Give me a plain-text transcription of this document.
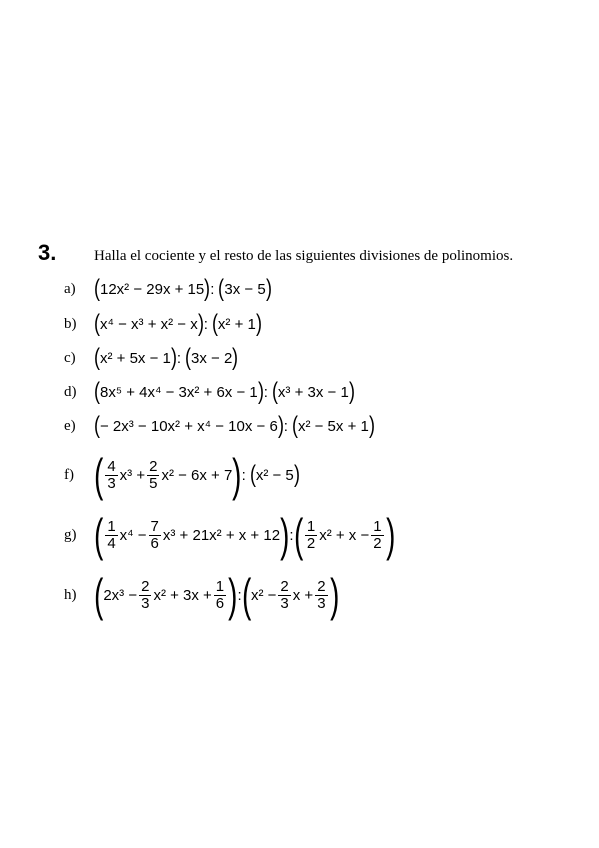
3.	Halla el cociente y el resto de las siguientes divisiones de polinomios.
a) ( 12x² − 29x + 15 ) : ( 3x − 5 )
b) ( x⁴ − x³ + x² − x ) : ( x² + 1 )
c) ( x² + 5x − 1 ) : ( 3x − 2 )
d) ( 8x⁵ + 4x⁴ − 3x² + 6x − 1 ) : ( x³ + 3x − 1 )
e) ( − 2x³ − 10x² + x⁴ − 10x − 6 ) : ( x² − 5x + 1 )
f) ( $\frac{4}{3} x^3 + \frac{2}{5} x^2 - 6x + 7$ ) : ( x² − 5 )
g) ( $\frac{1}{4} x^4 - \frac{7}{6} x^3 + 21x^2 + x + 12$ ) : ( $\frac{1}{2} x^2 + x - \frac{1}{2}$ )
h) ( $2x^3 - \frac{2}{3} x^2 + 3x + \frac{1}{6}$ ) : ( $x^2 - \frac{2}{3}$ $x + \frac{2}{3}$ )
